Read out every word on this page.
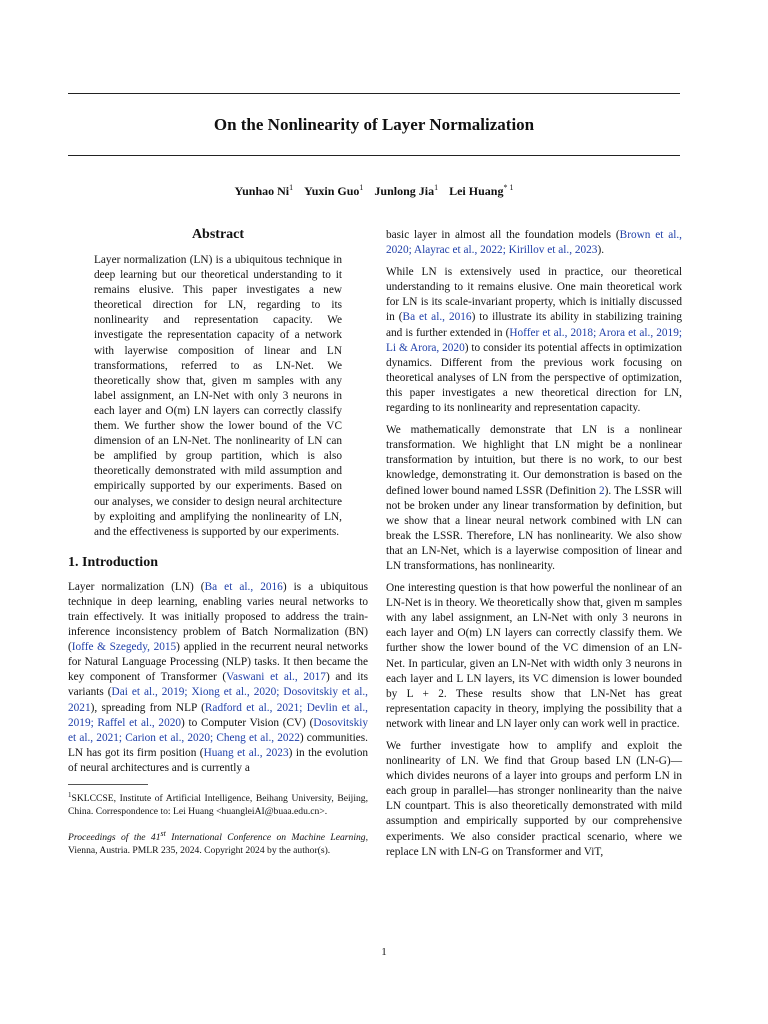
On the Nonlinearity of Layer Normalization
Yunhao Ni$^1$ Yuxin Guo$^1$ Junlong Jia$^1$ Lei Huang$^{* 1}$
Abstract
Layer normalization (LN) is a ubiquitous technique in deep learning but our theoretical understanding to it remains elusive. This paper investigates a new theoretical direction for LN, regarding to its nonlinearity and representation capacity. We investigate the representation capacity of a network with layerwise composition of linear and LN transformations, referred to as LN-Net. We theoretically show that, given m samples with any label assignment, an LN-Net with only 3 neurons in each layer and O(m) LN layers can correctly classify them. We further show the lower bound of the VC dimension of an LN-Net. The nonlinearity of LN can be amplified by group partition, which is also theoretically demonstrated with mild assumption and empirically supported by our experiments. Based on our analyses, we consider to design neural architecture by exploiting and amplifying the nonlinearity of LN, and the effectiveness is supported by our experiments.
1. Introduction

Layer normalization (LN) (Ba et al., 2016) is a ubiquitous technique in deep learning, enabling varies neural networks to train effectively. It was initially proposed to address the train-inference inconsistency problem of Batch Normalization (BN) (Ioffe & Szegedy, 2015) applied in the recurrent neural networks for Natural Language Processing (NLP) tasks. It then became the key component of Transformer (Vaswani et al., 2017) and its variants (Dai et al., 2019; Xiong et al., 2020; Dosovitskiy et al., 2021), spreading from NLP (Radford et al., 2021; Devlin et al., 2019; Raffel et al., 2020) to Computer Vision (CV) (Dosovitskiy et al., 2021; Carion et al., 2020; Cheng et al., 2022) communities. LN has got its firm position (Huang et al., 2023) in the evolution of neural architectures and is currently a

$^1$SKLCCSE, Institute of Artificial Intelligence, Beihang University, Beijing, China. Correspondence to: Lei Huang <huangleiAI@buaa.edu.cn>.
Proceedings of the 41st International Conference on Machine Learning, Vienna, Austria. PMLR 235, 2024. Copyright 2024 by the author(s).

basic layer in almost all the foundation models (Brown et al., 2020; Alayrac et al., 2022; Kirillov et al., 2023).

While LN is extensively used in practice, our theoretical understanding to it remains elusive. One main theoretical work for LN is its scale-invariant property, which is initially discussed in (Ba et al., 2016) to illustrate its ability in stabilizing training and is further extended in (Hoffer et al., 2018; Arora et al., 2019; Li & Arora, 2020) to consider its potential affects in optimization dynamics. Different from the previous work focusing on theoretical analyses of LN from the perspective of optimization, this paper investigates a new theoretical direction for LN, regarding to its nonlinearity and representation capacity.

We mathematically demonstrate that LN is a nonlinear transformation. We highlight that LN might be a nonlinear transformation by intuition, but there is no work, to our best knowledge, demonstrating it. Our demonstration is based on the defined lower bound named LSSR (Definition 2). The LSSR will not be broken under any linear transformation by definition, but we show that a linear neural network combined with LN can break the LSSR. Therefore, LN has nonlinearity. We also show that an LN-Net, which is a layerwise composition of linear and LN transformations, has nonlinearity.

One interesting question is that how powerful the nonlinear of an LN-Net is in theory. We theoretically show that, given m samples with any label assignment, an LN-Net with only 3 neurons in each layer and O(m) LN layers can correctly classify them. We further show the lower bound of the VC dimension of an LN-Net. In particular, given an LN-Net with width only 3 neurons in each layer and L LN layers, its VC dimension is lower bounded by L + 2. These results show that LN-Net has great representation capacity in theory, implying the possibility that a network with linear and LN layer only can work well in practice.

We further investigate how to amplify and exploit the nonlinearity of LN. We find that Group based LN (LN-G)—which divides neurons of a layer into groups and perform LN in each group in parallel—has stronger nonlinearity than the naive LN countpart. This is also theoretically demonstrated with mild assumption and empirically supported by our comprehensive experiments. We also consider practical scenario, where we replace LN with LN-G on Transformer and ViT,

1
